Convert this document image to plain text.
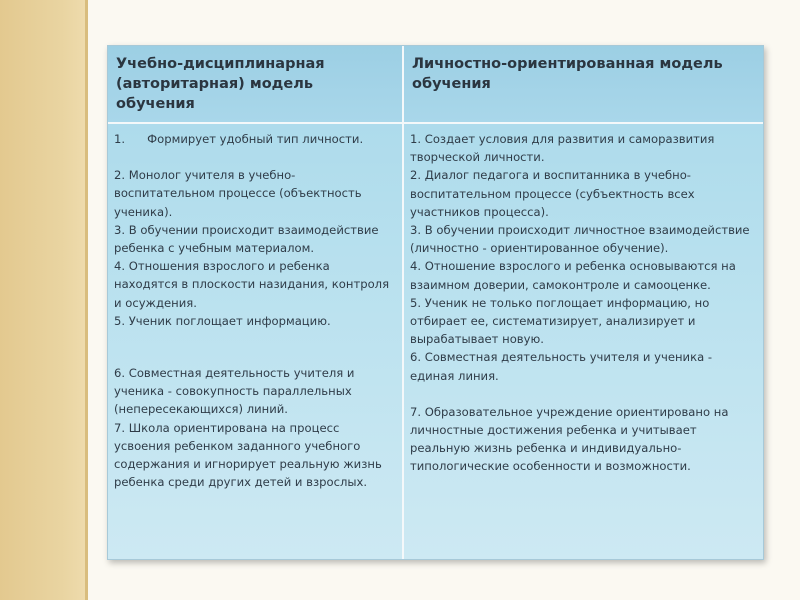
Учебно-дисциплинарная (авторитарная) модель обучения
Личностно-ориентированная модель обучения

1.      Формирует удобный тип личности.

2. Монолог учителя в учебно-воспитательном процессе (объектность ученика).

3. В обучении происходит взаимодействие ребенка с учебным материалом.

4. Отношения взрослого и ребенка находятся в плоскости назидания, контроля и осуждения.

5. Ученик поглощает информацию.

6. Совместная деятельность учителя и ученика - совокупность параллельных (непересекающихся) линий.

7. Школа ориентирована на процесс усвоения ребенком заданного учебного содержания и игнорирует реальную жизнь ребенка среди других детей и взрослых.

1. Создает условия для развития и саморазвития творческой личности.

2. Диалог педагога и воспитанника в учебно-воспитательном процессе (субъектность всех участников процесса).

3. В обучении происходит личностное взаимодействие (личностно - ориентированное обучение).

4. Отношение взрослого и ребенка основываются на взаимном доверии, самоконтроле и самооценке.

5. Ученик не только поглощает информацию, но отбирает ее, систематизирует, анализирует и вырабатывает новую.

6. Совместная деятельность учителя и ученика - единая линия.

7. Образовательное учреждение ориентировано на личностные достижения ребенка и учитывает реальную жизнь ребенка и индивидуально-типологические особенности и возможности.
